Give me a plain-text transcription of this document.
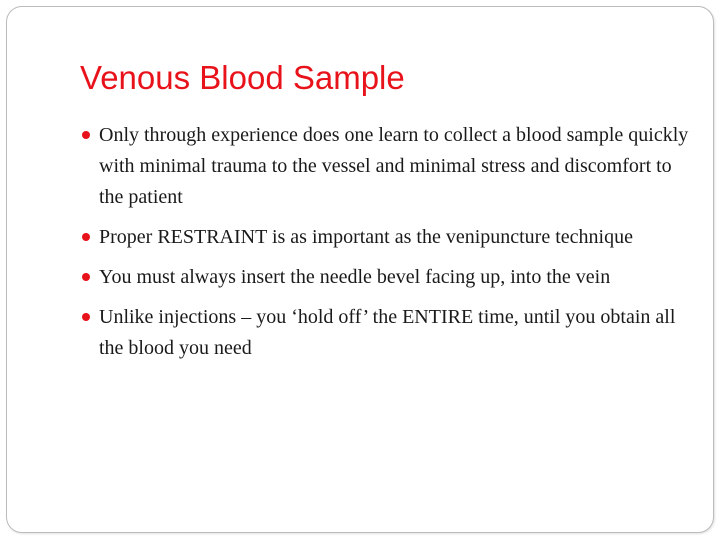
Venous Blood Sample
Only through experience does one learn to collect a blood sample quickly with minimal trauma to the vessel and minimal stress and discomfort to the patient
Proper RESTRAINT is as important as the venipuncture technique
You must always insert the needle bevel facing up, into the vein
Unlike injections – you ‘hold off’ the ENTIRE time, until you obtain all the blood you need
